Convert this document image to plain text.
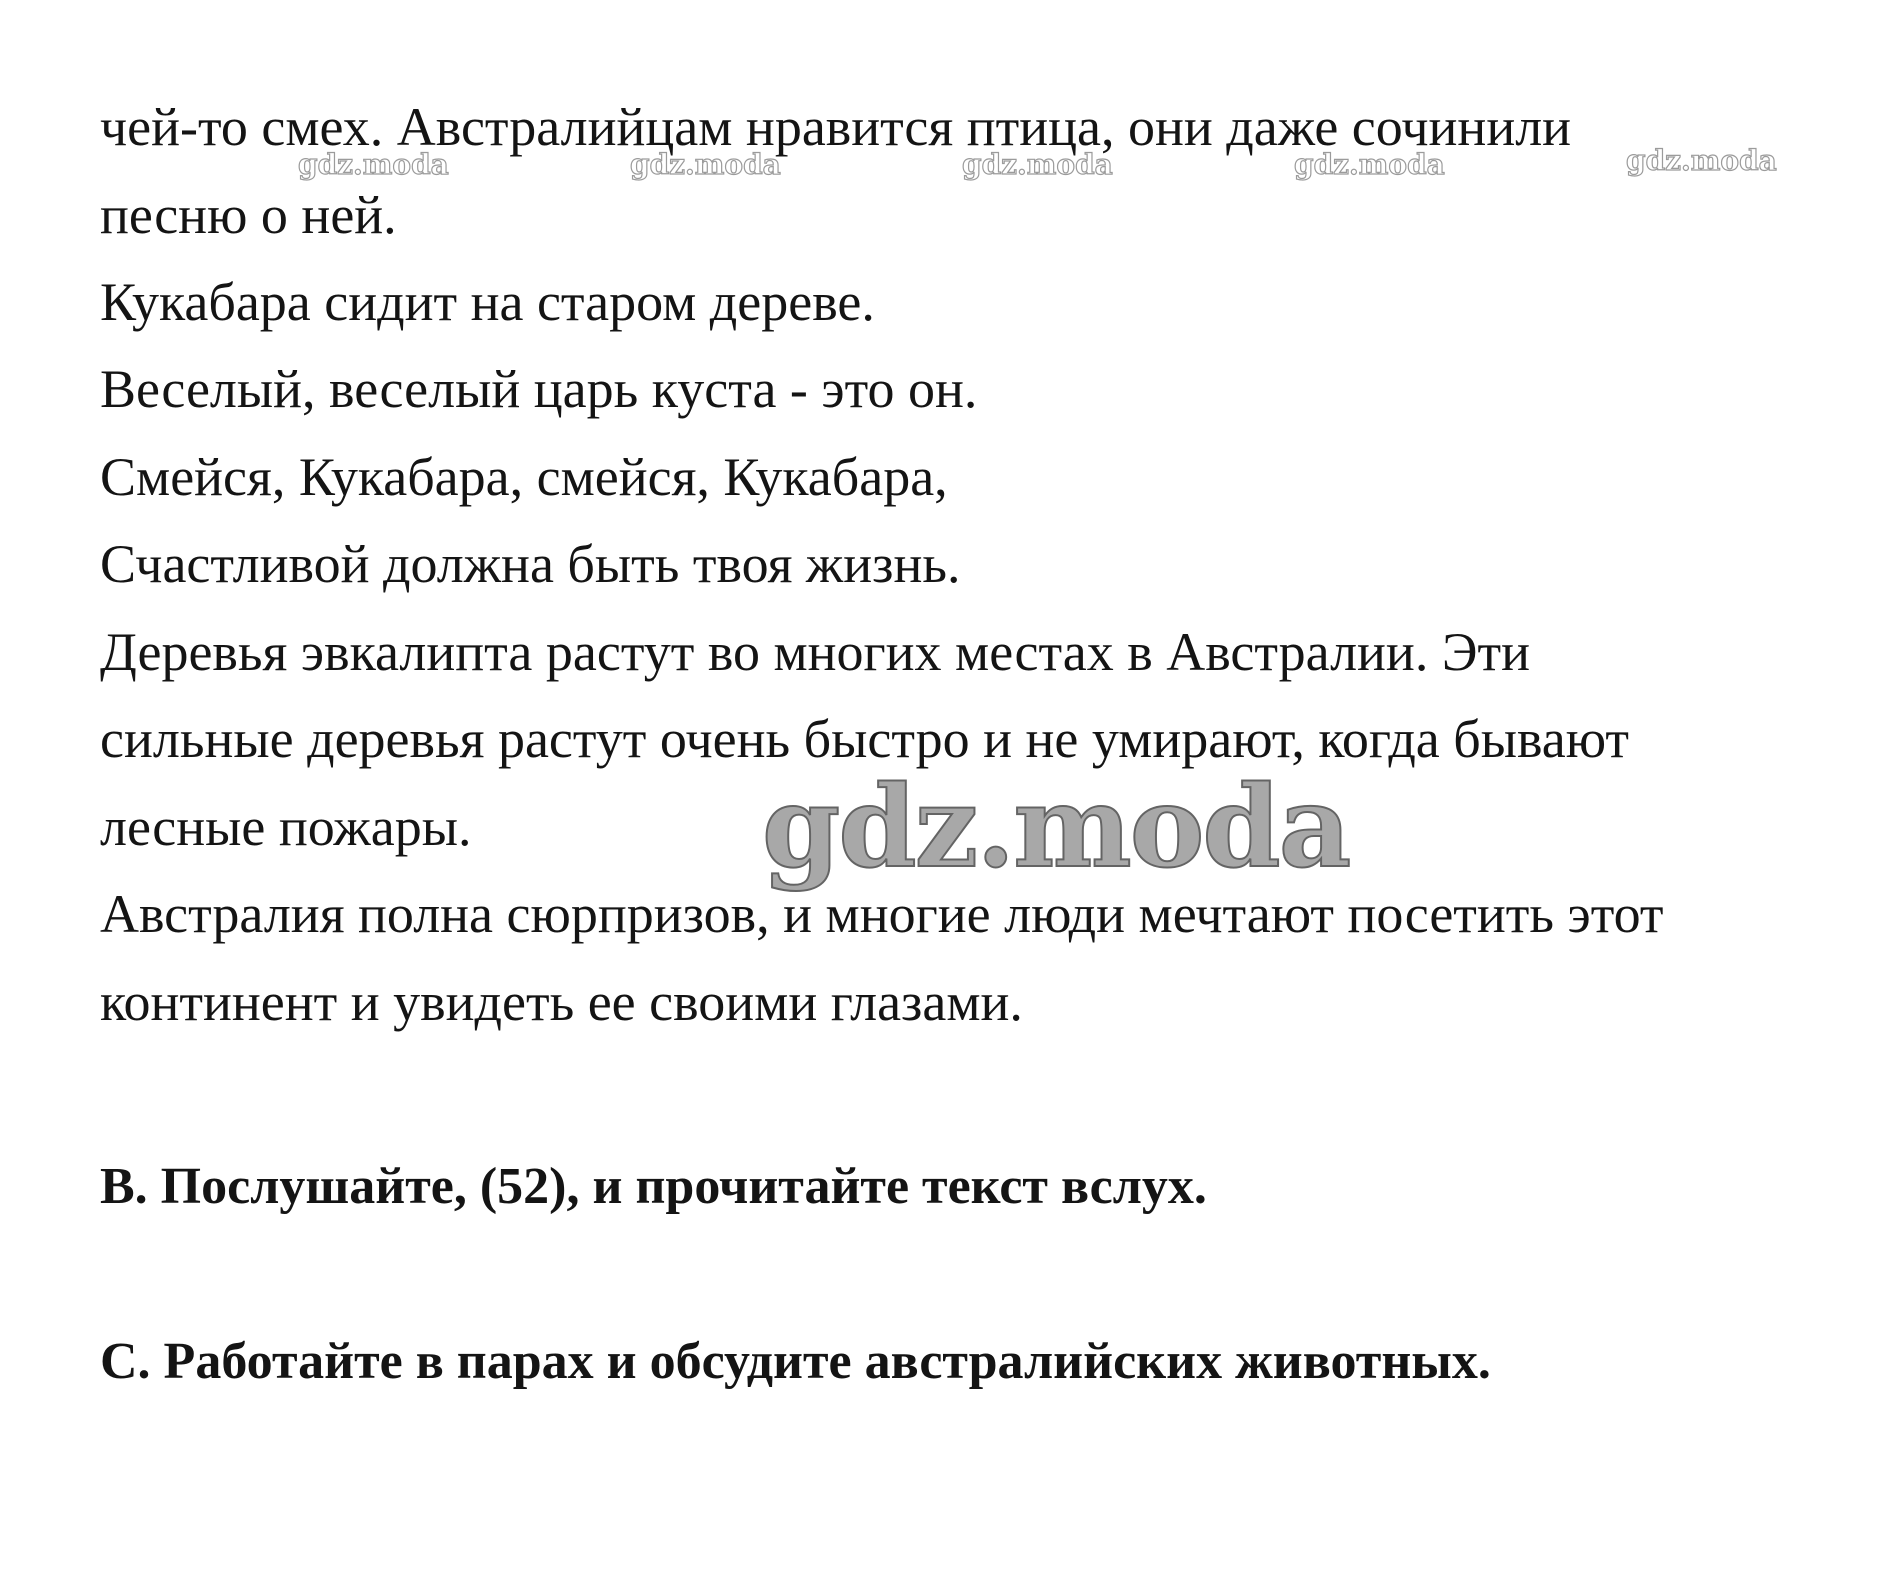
чей-то смех. Австралийцам нравится птица, они даже сочинили

песню о ней.

Кукабара сидит на старом дереве.

Веселый, веселый царь куста - это он.

Смейся, Кукабара, смейся, Кукабара,

Счастливой должна быть твоя жизнь.

Деревья эвкалипта растут во многих местах в Австралии. Эти

сильные деревья растут очень быстро и не умирают, когда бывают

лесные пожары.

Австралия полна сюрпризов, и многие люди мечтают посетить этот

континент и увидеть ее своими глазами.

В. Послушайте, (52), и прочитайте текст вслух.
С. Работайте в парах и обсудите австралийских животных.
gdz.moda	gdz.moda	gdz.moda	gdz.moda	gdz.moda
gdz.moda
